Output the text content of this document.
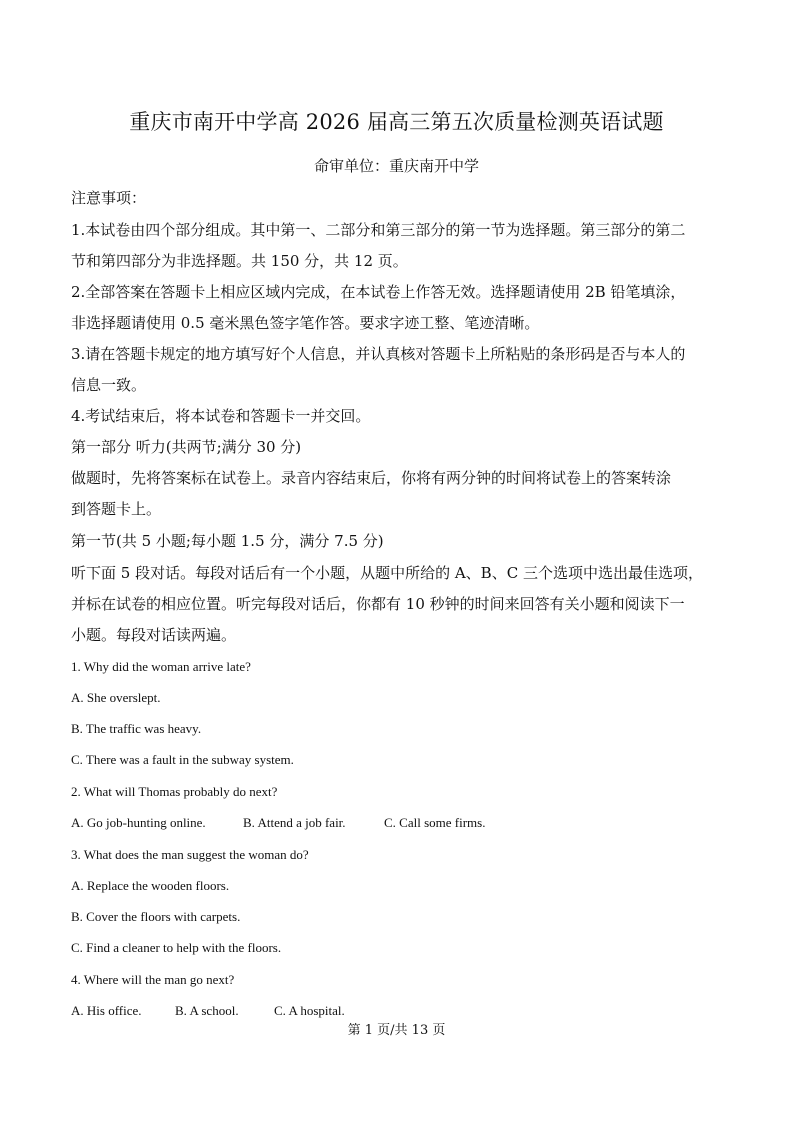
重庆市南开中学高 2026 届高三第五次质量检测英语试题
命审单位：重庆南开中学
注意事项：
1.本试卷由四个部分组成。其中第一、二部分和第三部分的第一节为选择题。第三部分的第二
节和第四部分为非选择题。共 150 分，共 12 页。
2.全部答案在答题卡上相应区域内完成，在本试卷上作答无效。选择题请使用 2B 铅笔填涂，
非选择题请使用 0.5 毫米黑色签字笔作答。要求字迹工整、笔迹清晰。
3.请在答题卡规定的地方填写好个人信息，并认真核对答题卡上所粘贴的条形码是否与本人的
信息一致。
4.考试结束后，将本试卷和答题卡一并交回。
第一部分 听力(共两节;满分 30 分)
做题时，先将答案标在试卷上。录音内容结束后，你将有两分钟的时间将试卷上的答案转涂
到答题卡上。
第一节(共 5 小题;每小题 1.5 分，满分 7.5 分)
听下面 5 段对话。每段对话后有一个小题，从题中所给的 A、B、C 三个选项中选出最佳选项，
并标在试卷的相应位置。听完每段对话后，你都有 10 秒钟的时间来回答有关小题和阅读下一
小题。每段对话读两遍。
1. Why did the woman arrive late?
A. She overslept.
B. The traffic was heavy.
C. There was a fault in the subway system.
2. What will Thomas probably do next?
A. Go job-hunting online.	B. Attend a job fair.	C. Call some firms.
3. What does the man suggest the woman do?
A. Replace the wooden floors.
B. Cover the floors with carpets.
C. Find a cleaner to help with the floors.
4. Where will the man go next?
A. His office.	B. A school.	C. A hospital.
第 1 页/共 13 页
